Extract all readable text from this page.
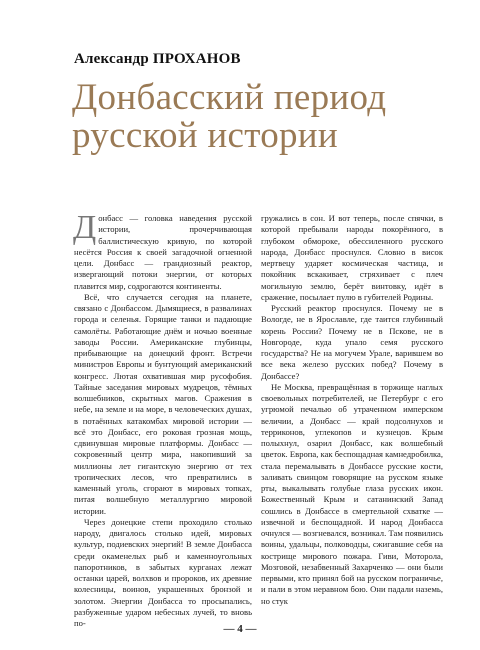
Александр ПРОХАНОВ
Донбасский период русской истории

Донбасс — головка наведения русской истории, прочерчивающая баллистическую кривую, по которой несётся Россия к своей загадочной огненной цели. Донбасс — грандиозный реактор, извергающий потоки энергии, от которых плавится мир, содрогаются континенты.

Всё, что случается сегодня на планете, связано с Донбассом. Дымящиеся, в развалинах города и селенья. Горящие танки и падающие самолёты. Работающие днём и ночью военные заводы России. Американские глубинцы, прибывающие на донецкий фронт. Встречи министров Европы и бунтующий американский конгресс. Лютая охватившая мир русофобия. Тайные заседания мировых мудрецов, тёмных волшебников, скрытных магов. Сражения в небе, на земле и на море, в человеческих душах, в потаённых катакомбах мировой истории — всё это Донбасс, его роковая грозная мощь, сдвинувшая мировые платформы. Донбасс — сокровенный центр мира, накопивший за миллионы лет гигантскую энергию от тех тропических лесов, что превратились в каменный уголь, сгорают в мировых топках, питая волшебную металлургию мировой истории.

Через донецкие степи проходило столько народу, двигалось столько идей, мировых культур, подиевских энергий! В земле Донбасса среди окаменелых рыб и каменноугольных папоротников, в забытых курганах лежат останки царей, волхвов и пророков, их древние колесницы, воинов, украшенных бронзой и золотом. Энергии Донбасса то просыпались, разбуженные ударом небесных лучей, то вновь по-

гружались в сон. И вот теперь, после спячки, в которой пребывали народы покорённого, в глубоком обмороке, обессиленного русского народа, Донбасс проснулся. Словно в висок мертвецу ударяет космическая частица, и покойник вскакивает, стряхивает с плеч могильную землю, берёт винтовку, идёт в сражение, посылает пулю в губителей Родины.

Русский реактор проснулся. Почему не в Вологде, не в Ярославле, где таится глубинный корень России? Почему не в Пскове, не в Новгороде, куда упало семя русского государства? Не на могучем Урале, варившем во все века железо русских побед? Почему в Донбассе?

Не Москва, превращённая в торжище наглых своевольных потребителей, не Петербург с его угрюмой печалью об утраченном имперском величии, а Донбасс — край подсолнухов и терриконов, углекопов и кузнецов. Крым полыхнул, озарил Донбасс, как волшебный цветок. Европа, как беспощадная камнедробилка, стала перемалывать в Донбассе русские кости, заливать свинцом говорящие на русском языке рты, выкалывать голубые глаза русских икон. Божественный Крым и сатанинский Запад сошлись в Донбассе в смертельной схватке — извечной и беспощадной. И народ Донбасса очнулся — возгневался, возникал. Там появились воины, удальцы, полководцы, сжигавшие себя на кострище мирового пожара. Гиви, Моторола, Мозговой, незабвенный Захарченко — они были первыми, кто принял бой на русском пограничье, и пали в этом неравном бою. Они падали наземь, но стук

— 4 —
